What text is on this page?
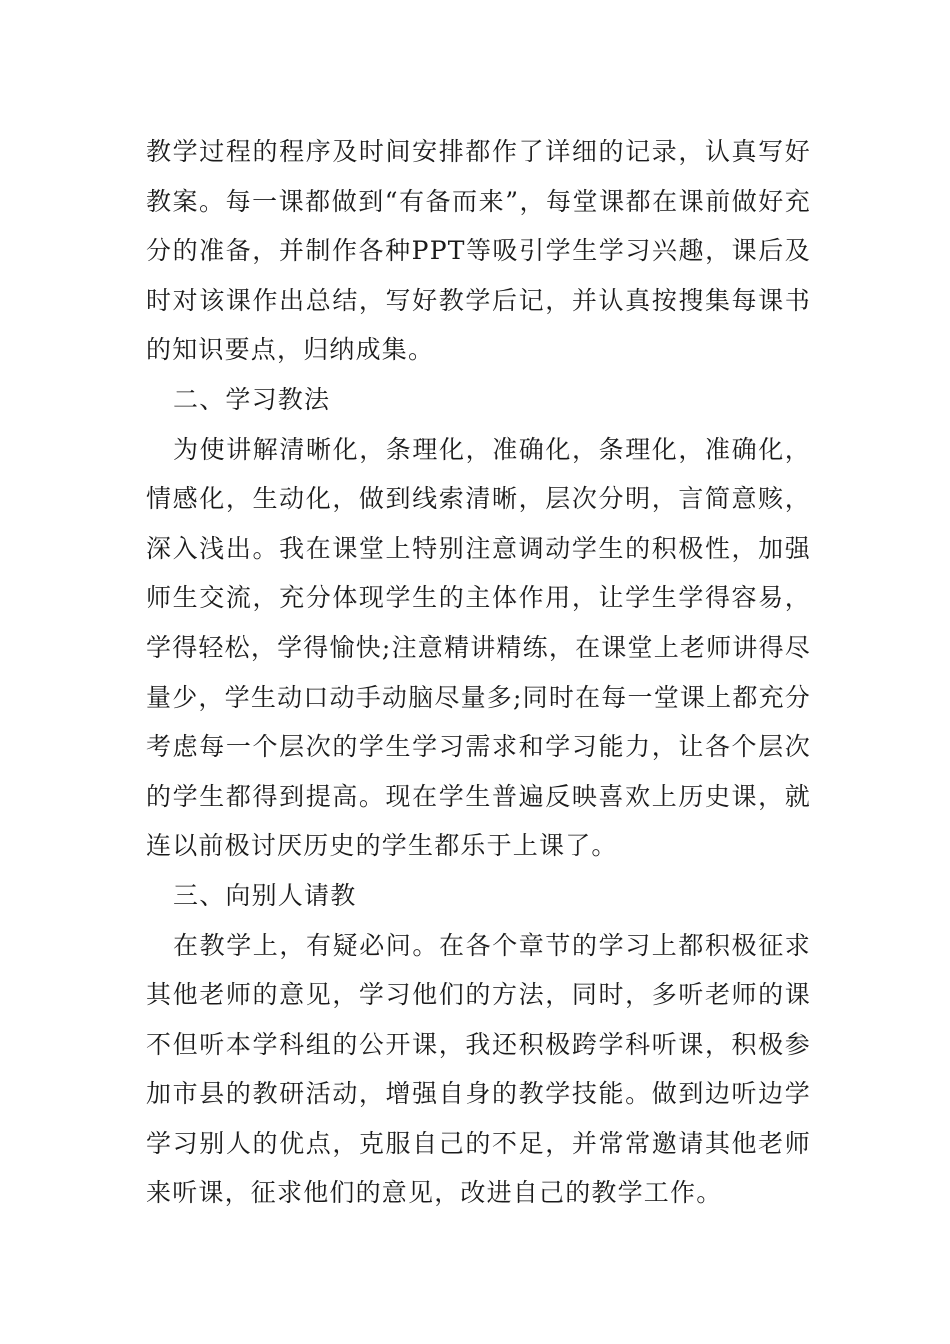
教学过程的程序及时间安排都作了详细的记录，认真写好教案。每一课都做到“有备而来”，每堂课都在课前做好充分的准备，并制作各种PPT等吸引学生学习兴趣，课后及时对该课作出总结，写好教学后记，并认真按搜集每课书的知识要点，归纳成集。

二、学习教法

为使讲解清晰化，条理化，准确化，条理化，准确化，情感化，生动化，做到线索清晰，层次分明，言简意赅，深入浅出。我在课堂上特别注意调动学生的积极性，加强师生交流，充分体现学生的主体作用，让学生学得容易，学得轻松，学得愉快;注意精讲精练，在课堂上老师讲得尽量少，学生动口动手动脑尽量多;同时在每一堂课上都充分考虑每一个层次的学生学习需求和学习能力，让各个层次的学生都得到提高。现在学生普遍反映喜欢上历史课，就连以前极讨厌历史的学生都乐于上课了。

三、向别人请教

在教学上，有疑必问。在各个章节的学习上都积极征求其他老师的意见，学习他们的方法，同时，多听老师的课不但听本学科组的公开课，我还积极跨学科听课，积极参加市县的教研活动，增强自身的教学技能。做到边听边学学习别人的优点，克服自己的不足，并常常邀请其他老师来听课，征求他们的意见，改进自己的教学工作。
